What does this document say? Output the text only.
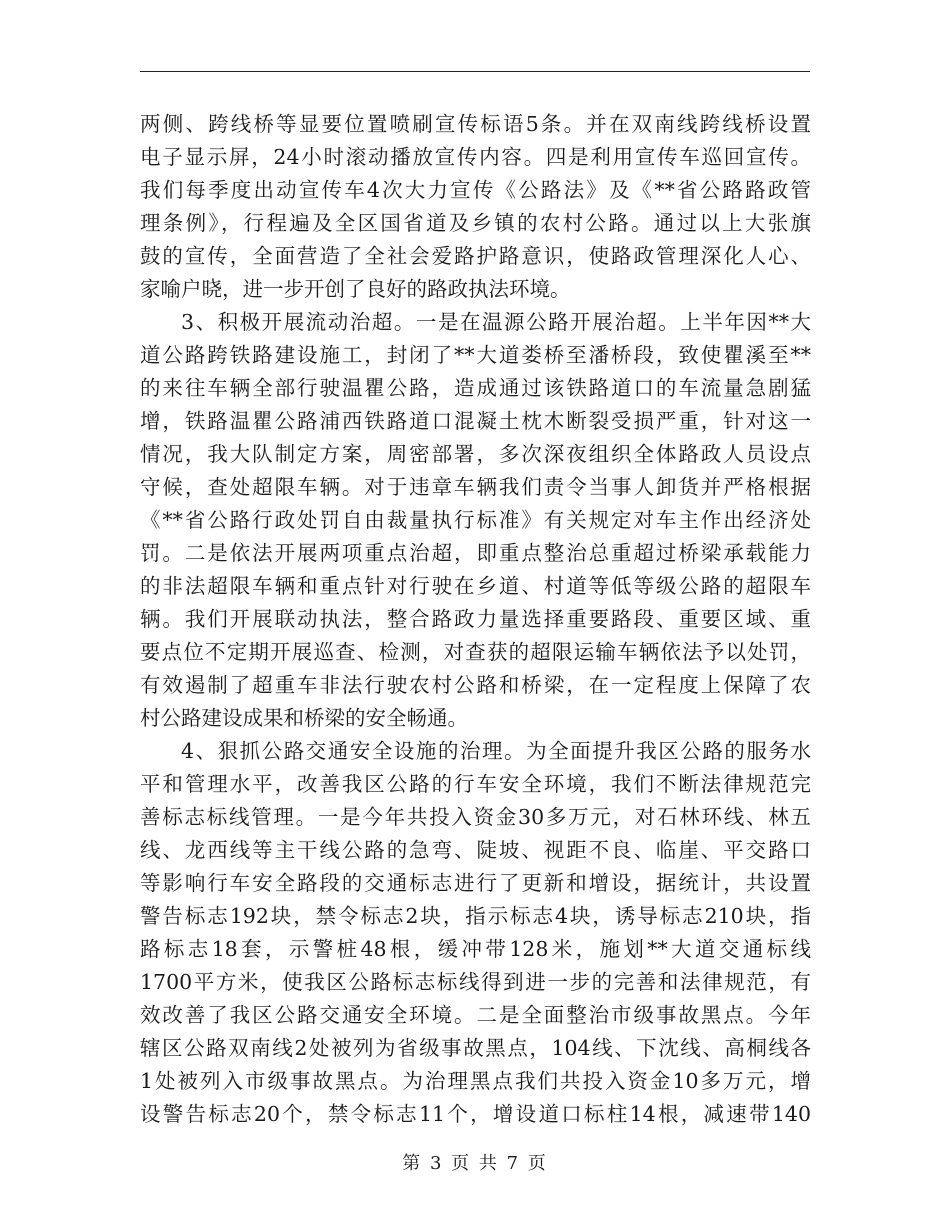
两侧、跨线桥等显要位置喷刷宣传标语5条。并在双南线跨线桥设置
电子显示屏，24小时滚动播放宣传内容。四是利用宣传车巡回宣传。
我们每季度出动宣传车4次大力宣传《公路法》及《**省公路路政管
理条例》，行程遍及全区国省道及乡镇的农村公路。通过以上大张旗
鼓的宣传，全面营造了全社会爱路护路意识，使路政管理深化人心、
家喻户晓，进一步开创了良好的路政执法环境。
3、积极开展流动治超。一是在温源公路开展治超。上半年因**大
道公路跨铁路建设施工，封闭了**大道娄桥至潘桥段，致使瞿溪至**
的来往车辆全部行驶温瞿公路，造成通过该铁路道口的车流量急剧猛
增，铁路温瞿公路浦西铁路道口混凝土枕木断裂受损严重，针对这一
情况，我大队制定方案，周密部署，多次深夜组织全体路政人员设点
守候，查处超限车辆。对于违章车辆我们责令当事人卸货并严格根据
《**省公路行政处罚自由裁量执行标准》有关规定对车主作出经济处
罚。二是依法开展两项重点治超，即重点整治总重超过桥梁承载能力
的非法超限车辆和重点针对行驶在乡道、村道等低等级公路的超限车
辆。我们开展联动执法，整合路政力量选择重要路段、重要区域、重
要点位不定期开展巡查、检测，对查获的超限运输车辆依法予以处罚，
有效遏制了超重车非法行驶农村公路和桥梁，在一定程度上保障了农
村公路建设成果和桥梁的安全畅通。
4、狠抓公路交通安全设施的治理。为全面提升我区公路的服务水
平和管理水平，改善我区公路的行车安全环境，我们不断法律规范完
善标志标线管理。一是今年共投入资金30多万元，对石林环线、林五
线、龙西线等主干线公路的急弯、陡坡、视距不良、临崖、平交路口
等影响行车安全路段的交通标志进行了更新和增设，据统计，共设置
警告标志192块，禁令标志2块，指示标志4块，诱导标志210块，指
路标志18套，示警桩48根，缓冲带128米，施划**大道交通标线
1700平方米，使我区公路标志标线得到进一步的完善和法律规范，有
效改善了我区公路交通安全环境。二是全面整治市级事故黑点。今年
辖区公路双南线2处被列为省级事故黑点，104线、下沈线、高桐线各
1处被列入市级事故黑点。为治理黑点我们共投入资金10多万元，增
设警告标志20个，禁令标志11个，增设道口标柱14根，减速带140
第 3 页 共 7 页
